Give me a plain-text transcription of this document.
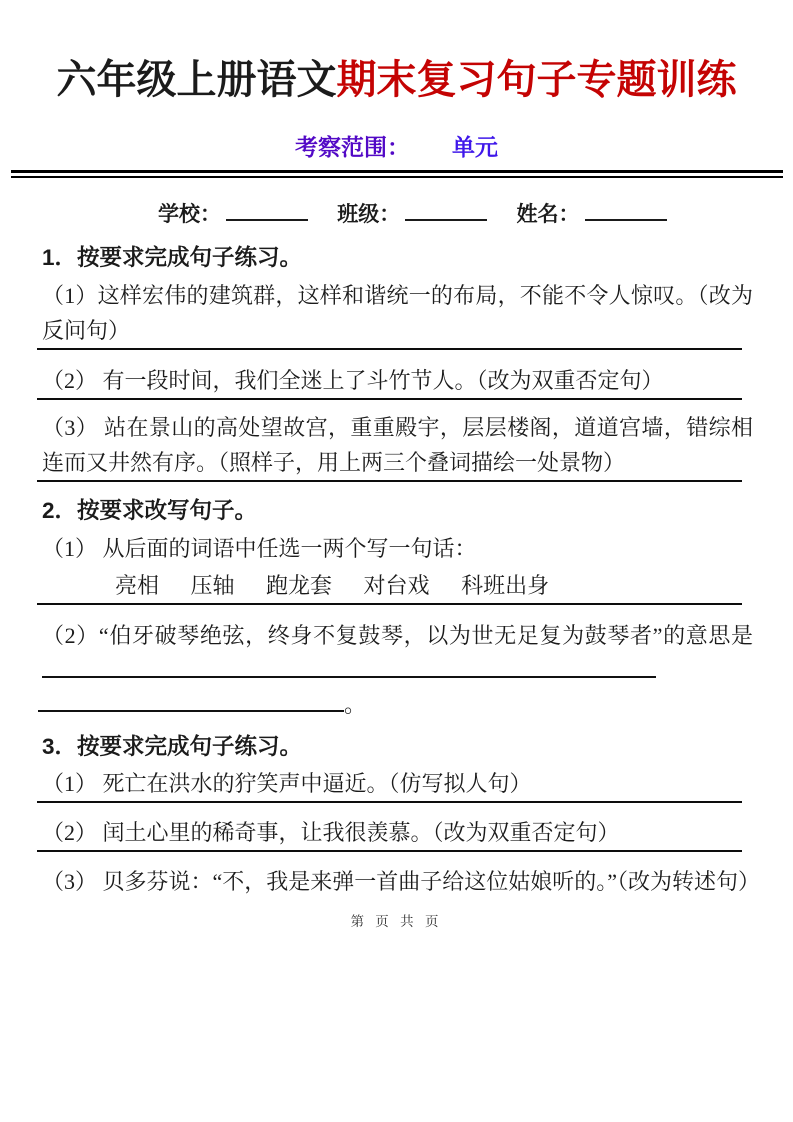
六年级上册语文期末复习句子专题训练
考察范围： 单元
学校：	班级：	姓名：
1．按要求完成句子练习。
（1）这样宏伟的建筑群，这样和谐统一的布局，不能不令人惊叹。（改为反问句）
（2） 有一段时间，我们全迷上了斗竹节人。（改为双重否定句）
（3） 站在景山的高处望故宫，重重殿宇，层层楼阁，道道宫墙，错综相连而又井然有序。（照样子，用上两三个叠词描绘一处景物）
2．按要求改写句子。
（1） 从后面的词语中任选一两个写一句话：
亮相 压轴 跑龙套 对台戏 科班出身
（2）“伯牙破琴绝弦，终身不复鼓琴，以为世无足复为鼓琴者”的意思是
。
3．按要求完成句子练习。
（1） 死亡在洪水的狞笑声中逼近。（仿写拟人句）
（2） 闰土心里的稀奇事，让我很羡慕。（改为双重否定句）
（3） 贝多芬说：“不，我是来弹一首曲子给这位姑娘听的。”（改为转述句）
第 页 共 页
